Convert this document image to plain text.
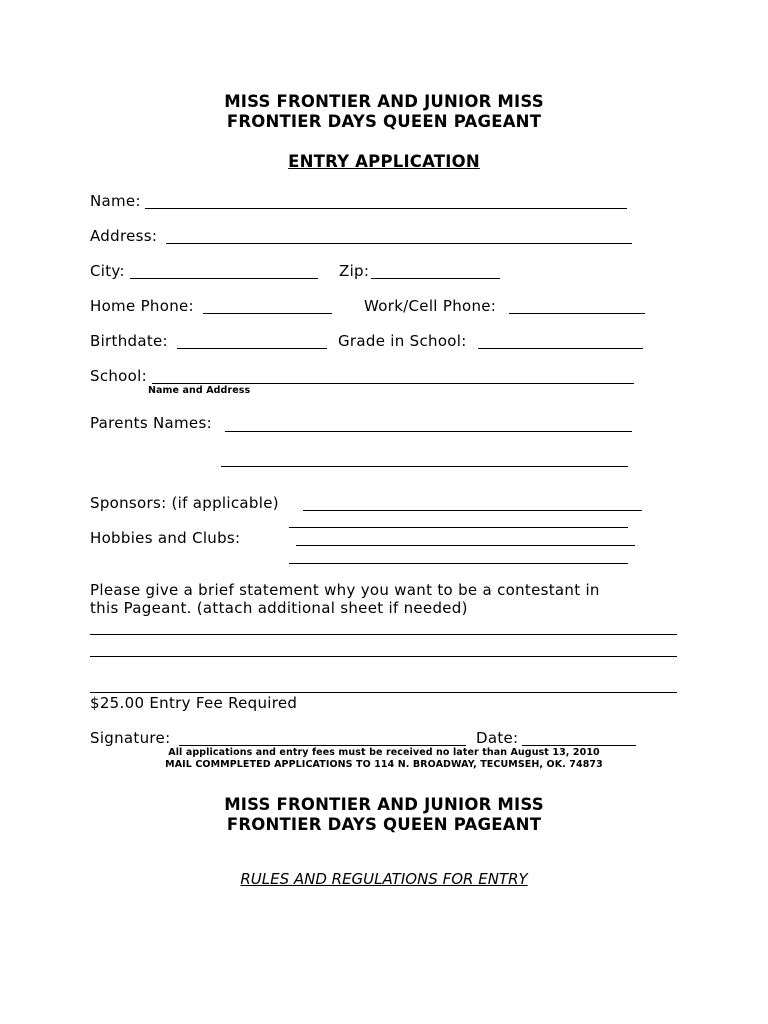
MISS FRONTIER AND JUNIOR MISS
FRONTIER DAYS QUEEN PAGEANT
ENTRY APPLICATION
Name:
Address:
City:	Zip:
Home Phone:	Work/Cell Phone:
Birthdate:	Grade in School:
School:
Name and Address
Parents Names:
Sponsors: (if applicable)
Hobbies and Clubs:
Please give a brief statement why you want to be a contestant in
this Pageant. (attach additional sheet if needed)
$25.00 Entry Fee Required
Signature:	Date:
All applications and entry fees must be received no later than August 13, 2010
MAIL COMMPLETED APPLICATIONS TO 114 N. BROADWAY, TECUMSEH, OK. 74873
MISS FRONTIER AND JUNIOR MISS
FRONTIER DAYS QUEEN PAGEANT
RULES AND REGULATIONS FOR ENTRY
